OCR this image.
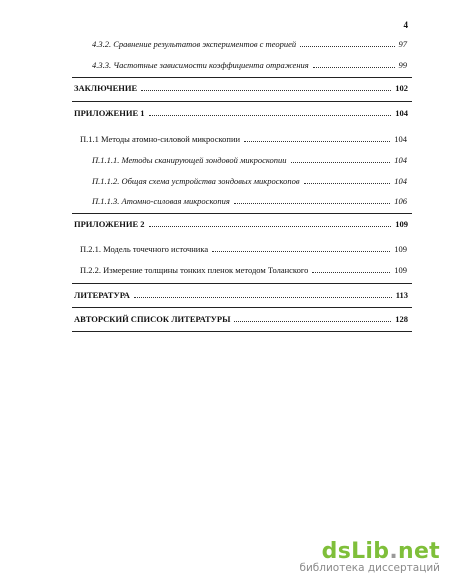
4
4.3.2. Сравнение результатов экспериментов с теорией	97
4.3.3. Частотные зависимости коэффициента отражения	99
ЗАКЛЮЧЕНИЕ	102
ПРИЛОЖЕНИЕ 1	104
П.1.1 Методы атомно-силовой микроскопии	104
П.1.1.1. Методы сканирующей зондовой микроскопии	104
П.1.1.2. Общая схема устройства зондовых микроскопов	104
П.1.1.3. Атомно-силовая микроскопия	106
ПРИЛОЖЕНИЕ 2	109
П.2.1. Модель точечного источника	109
П.2.2. Измерение толщины тонких пленок методом Толанского	109
ЛИТЕРАТУРА	113
АВТОРСКИЙ СПИСОК ЛИТЕРАТУРЫ	128
dsLib.net
библиотека диссертаций
